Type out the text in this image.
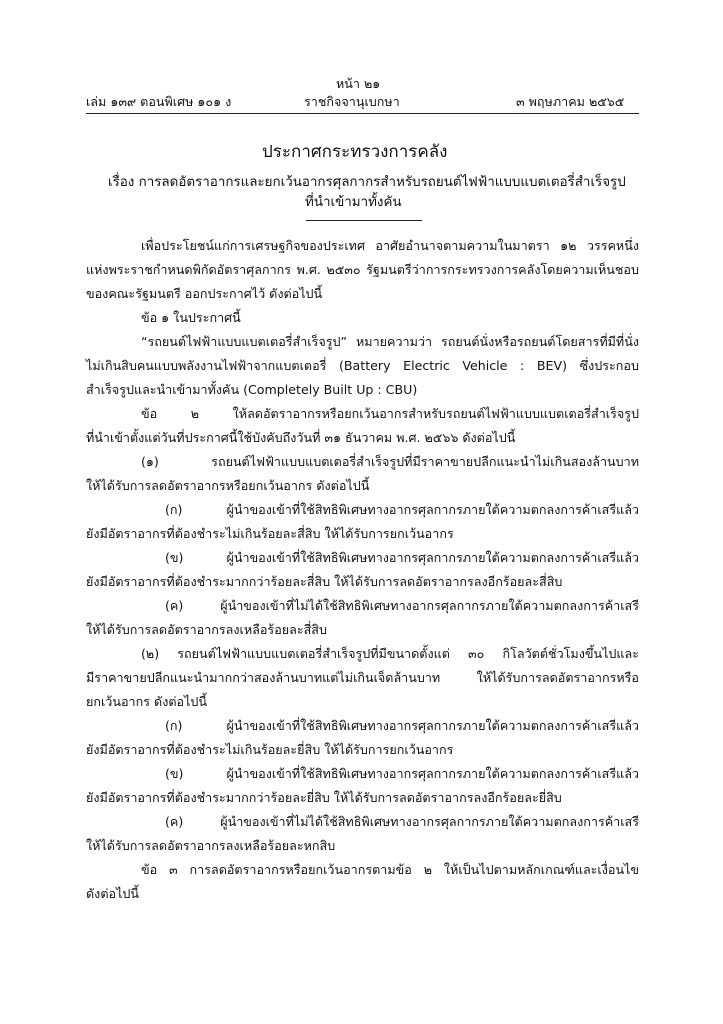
หน้า ๒๑
เล่ม ๑๓๙ ตอนพิเศษ ๑๐๑ ง	ราชกิจจานุเบกษา	๓ พฤษภาคม ๒๕๖๕
ประกาศกระทรวงการคลัง
เรื่อง การลดอัตราอากรและยกเว้นอากรศุลกากรสำหรับรถยนต์ไฟฟ้าแบบแบตเตอรี่สำเร็จรูป
ที่นำเข้ามาทั้งคัน
เพื่อประโยชน์แก่การเศรษฐกิจของประเทศ อาศัยอำนาจตามความในมาตรา ๑๒ วรรคหนึ่ง
แห่งพระราชกำหนดพิกัดอัตราศุลกากร พ.ศ. ๒๕๓๐ รัฐมนตรีว่าการกระทรวงการคลังโดยความเห็นชอบ
ของคณะรัฐมนตรี ออกประกาศไว้ ดังต่อไปนี้
ข้อ ๑ ในประกาศนี้
“รถยนต์ไฟฟ้าแบบแบตเตอรี่สำเร็จรูป” หมายความว่า รถยนต์นั่งหรือรถยนต์โดยสารที่มีที่นั่ง
ไม่เกินสิบคนแบบพลังงานไฟฟ้าจากแบตเตอรี่ (Battery Electric Vehicle : BEV) ซึ่งประกอบ
สำเร็จรูปและนำเข้ามาทั้งคัน (Completely Built Up : CBU)
ข้อ ๒ ให้ลดอัตราอากรหรือยกเว้นอากรสำหรับรถยนต์ไฟฟ้าแบบแบตเตอรี่สำเร็จรูป
ที่นำเข้าตั้งแต่วันที่ประกาศนี้ใช้บังคับถึงวันที่ ๓๑ ธันวาคม พ.ศ. ๒๕๖๖ ดังต่อไปนี้
(๑) รถยนต์ไฟฟ้าแบบแบตเตอรี่สำเร็จรูปที่มีราคาขายปลีกแนะนำไม่เกินสองล้านบาท
ให้ได้รับการลดอัตราอากรหรือยกเว้นอากร ดังต่อไปนี้
(ก) ผู้นำของเข้าที่ใช้สิทธิพิเศษทางอากรศุลกากรภายใต้ความตกลงการค้าเสรีแล้ว
ยังมีอัตราอากรที่ต้องชำระไม่เกินร้อยละสี่สิบ ให้ได้รับการยกเว้นอากร
(ข) ผู้นำของเข้าที่ใช้สิทธิพิเศษทางอากรศุลกากรภายใต้ความตกลงการค้าเสรีแล้ว
ยังมีอัตราอากรที่ต้องชำระมากกว่าร้อยละสี่สิบ ให้ได้รับการลดอัตราอากรลงอีกร้อยละสี่สิบ
(ค) ผู้นำของเข้าที่ไม่ได้ใช้สิทธิพิเศษทางอากรศุลกากรภายใต้ความตกลงการค้าเสรี
ให้ได้รับการลดอัตราอากรลงเหลือร้อยละสี่สิบ
(๒) รถยนต์ไฟฟ้าแบบแบตเตอรี่สำเร็จรูปที่มีขนาดตั้งแต่ ๓๐ กิโลวัตต์ชั่วโมงขึ้นไปและ
มีราคาขายปลีกแนะนำมากกว่าสองล้านบาทแต่ไม่เกินเจ็ดล้านบาท ให้ได้รับการลดอัตราอากรหรือ
ยกเว้นอากร ดังต่อไปนี้
(ก) ผู้นำของเข้าที่ใช้สิทธิพิเศษทางอากรศุลกากรภายใต้ความตกลงการค้าเสรีแล้ว
ยังมีอัตราอากรที่ต้องชำระไม่เกินร้อยละยี่สิบ ให้ได้รับการยกเว้นอากร
(ข) ผู้นำของเข้าที่ใช้สิทธิพิเศษทางอากรศุลกากรภายใต้ความตกลงการค้าเสรีแล้ว
ยังมีอัตราอากรที่ต้องชำระมากกว่าร้อยละยี่สิบ ให้ได้รับการลดอัตราอากรลงอีกร้อยละยี่สิบ
(ค) ผู้นำของเข้าที่ไม่ได้ใช้สิทธิพิเศษทางอากรศุลกากรภายใต้ความตกลงการค้าเสรี
ให้ได้รับการลดอัตราอากรลงเหลือร้อยละหกสิบ
ข้อ ๓ การลดอัตราอากรหรือยกเว้นอากรตามข้อ ๒ ให้เป็นไปตามหลักเกณฑ์และเงื่อนไข
ดังต่อไปนี้
